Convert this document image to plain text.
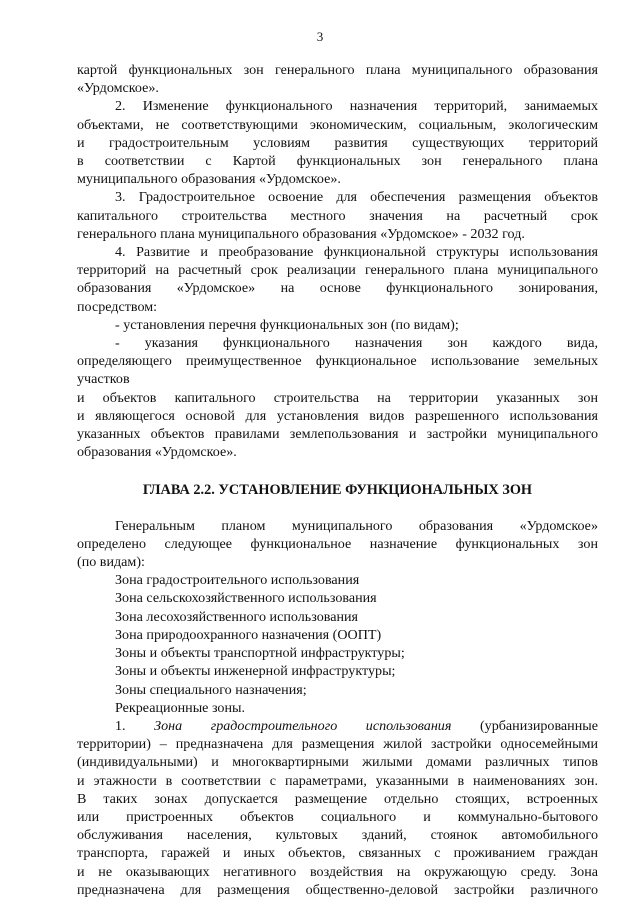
3

картой функциональных зон генерального плана муниципального образования

«Урдомское».

2. Изменение функционального назначения территорий, занимаемых

объектами, не соответствующими экономическим, социальным, экологическим

и градостроительным условиям развития существующих территорий

в соответствии с Картой функциональных зон генерального плана

муниципального образования «Урдомское».

3. Градостроительное освоение для обеспечения размещения объектов

капитального строительства местного значения на расчетный срок

генерального плана муниципального образования «Урдомское» - 2032 год.

4. Развитие и преобразование функциональной структуры использования

территорий на расчетный срок реализации генерального плана муниципального

образования «Урдомское» на основе функционального зонирования,

посредством:

- установления перечня функциональных зон (по видам);

- указания функционального назначения зон каждого вида,

определяющего преимущественное функциональное использование земельных

участков

и объектов капитального строительства на территории указанных зон

и являющегося основой для установления видов разрешенного использования

указанных объектов правилами землепользования и застройки муниципального

образования «Урдомское».

ГЛАВА 2.2. УСТАНОВЛЕНИЕ ФУНКЦИОНАЛЬНЫХ ЗОН

Генеральным планом муниципального образования «Урдомское»

определено следующее функциональное назначение функциональных зон

(по видам):

Зона градостроительного использования

Зона сельскохозяйственного использования

Зона лесохозяйственного использования

Зона природоохранного назначения (ООПТ)

Зоны и объекты транспортной инфраструктуры;

Зоны и объекты инженерной инфраструктуры;

Зоны специального назначения;

Рекреационные зоны.

1. Зона градостроительного использования (урбанизированные

территории) – предназначена для размещения жилой застройки односемейными

(индивидуальными) и многоквартирными жилыми домами различных типов

и этажности в соответствии с параметрами, указанными в наименованиях зон.

В таких зонах допускается размещение отдельно стоящих, встроенных

или пристроенных объектов социального и коммунально-бытового

обслуживания населения, культовых зданий, стоянок автомобильного

транспорта, гаражей и иных объектов, связанных с проживанием граждан

и не оказывающих негативного воздействия на окружающую среду. Зона

предназначена для размещения общественно-деловой застройки различного
